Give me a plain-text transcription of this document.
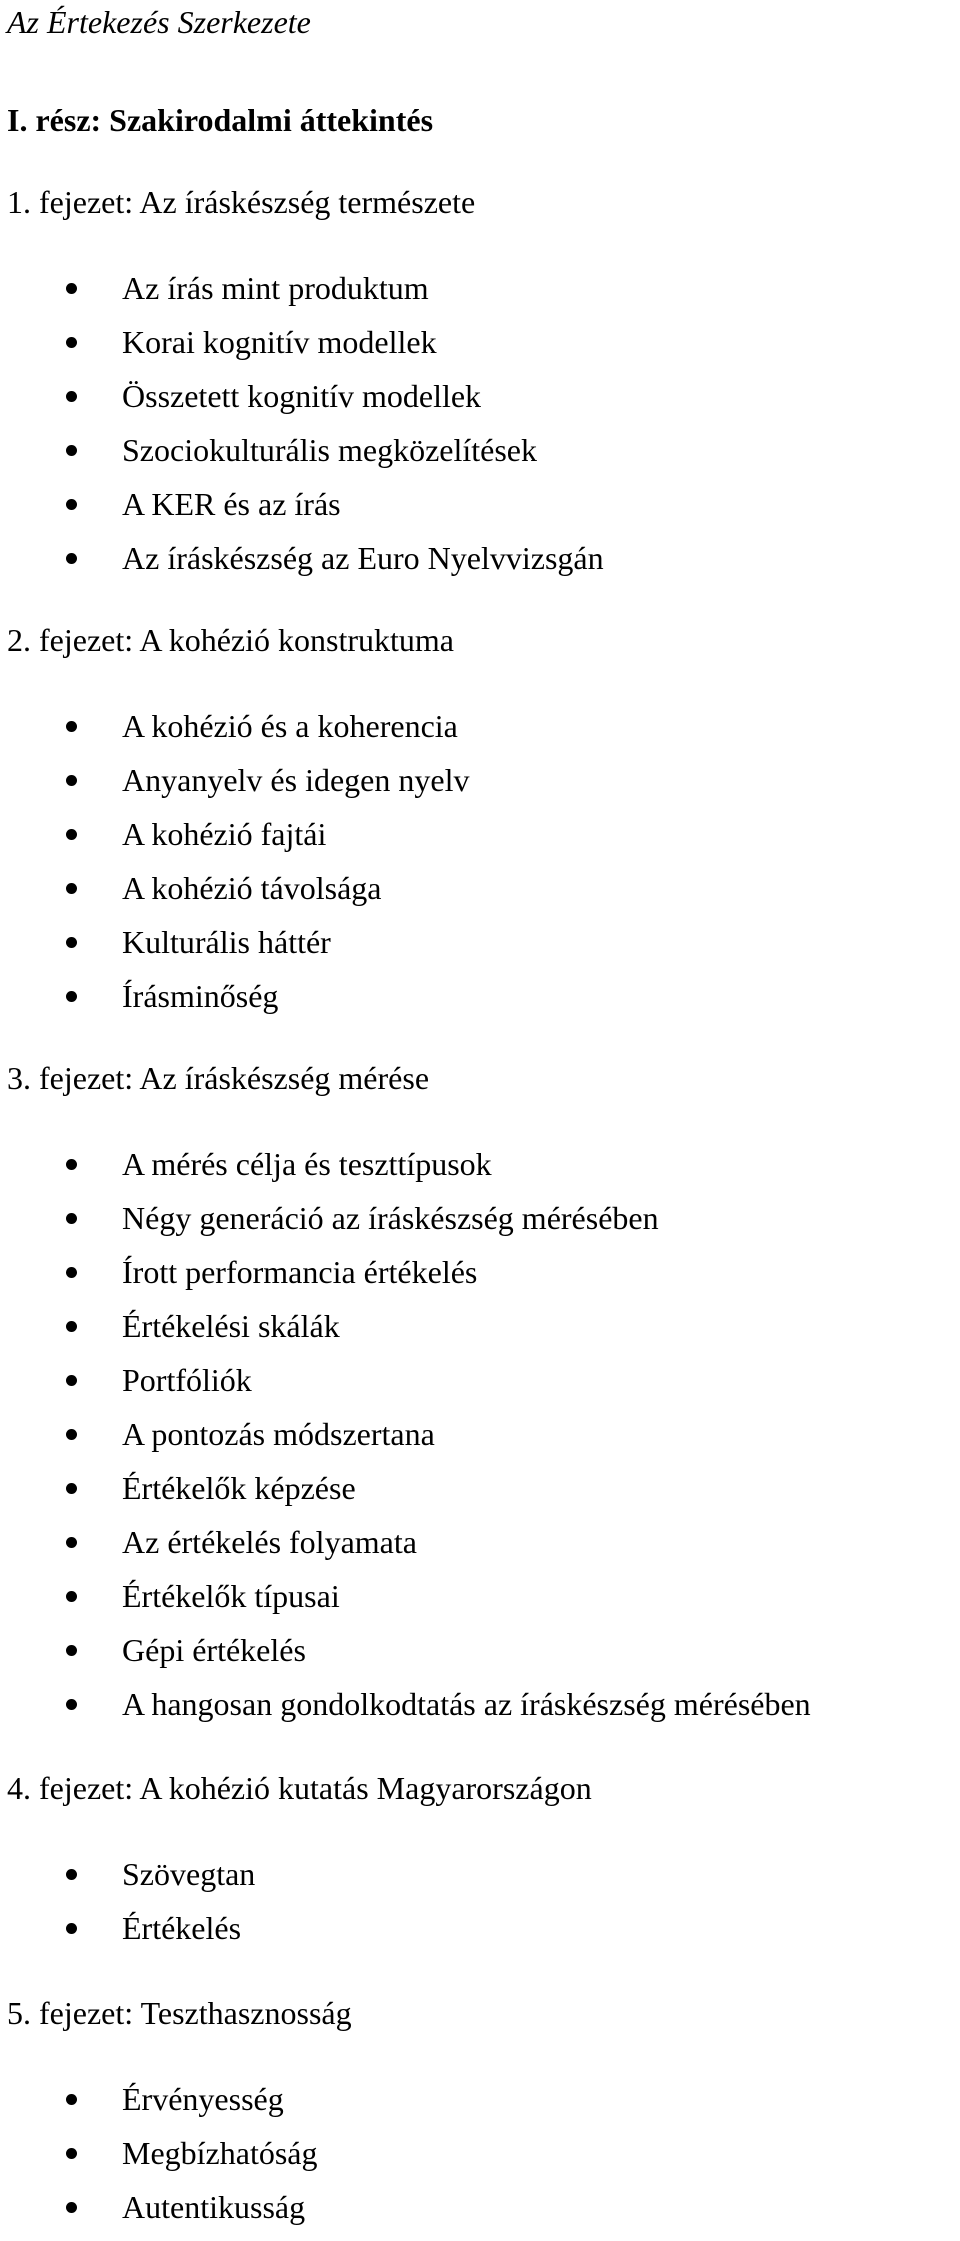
Az Értekezés Szerkezete
I. rész: Szakirodalmi áttekintés
1. fejezet: Az íráskészség természete
Az írás mint produktum
Korai kognitív modellek
Összetett kognitív modellek
Szociokulturális megközelítések
A KER és az írás
Az íráskészség az Euro Nyelvvizsgán
2. fejezet: A kohézió konstruktuma
A kohézió és a koherencia
Anyanyelv és idegen nyelv
A kohézió fajtái
A kohézió távolsága
Kulturális háttér
Írásminőség
3. fejezet: Az íráskészség mérése
A mérés célja és teszttípusok
Négy generáció az íráskészség mérésében
Írott performancia értékelés
Értékelési skálák
Portfóliók
A pontozás módszertana
Értékelők képzése
Az értékelés folyamata
Értékelők típusai
Gépi értékelés
A hangosan gondolkodtatás az íráskészség mérésében
4. fejezet: A kohézió kutatás Magyarországon
Szövegtan
Értékelés
5. fejezet: Teszthasznosság
Érvényesség
Megbízhatóság
Autentikusság
